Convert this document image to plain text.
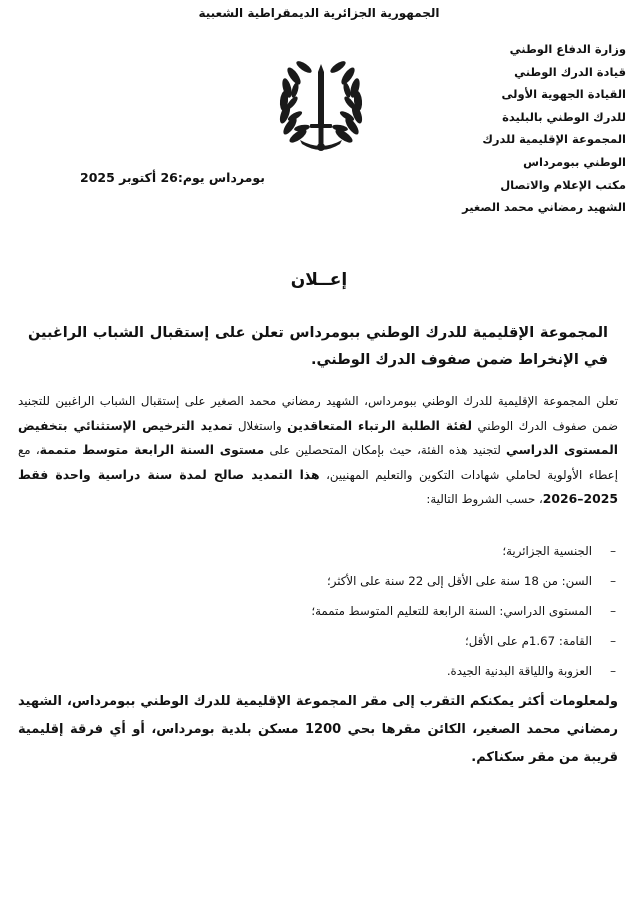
الجمهورية الجزائرية الديمقراطية الشعبية
وزارة الدفاع الوطني
قيادة الدرك الوطني
القيادة الجهوية الأولى
للدرك الوطني بالبليدة
المجموعة الإقليمية للدرك
الوطني ببومرداس
مكتب الإعلام والاتصال
الشهيد رمضاني محمد الصغير
بومرداس يوم:26 أكتوبر 2025
إعــلان
المجموعة الإقليمية للدرك الوطني ببومرداس تعلن على إستقبال الشباب الراغبين في الإنخراط ضمن صفوف الدرك الوطني.
تعلن المجموعة الإقليمية للدرك الوطني ببومرداس، الشهيد رمضاني محمد الصغير على إستقبال الشباب الراغبين للتجنيد ضمن صفوف الدرك الوطني لفئة الطلبة الرتباء المتعاقدين واستغلال تمديد الترخيص الإستثنائي بتخفيض المستوى الدراسي لتجنيد هذه الفئة، حيث بإمكان المتحصلين على مستوى السنة الرابعة متوسط متممة، مع إعطاء الأولوية لحاملي شهادات التكوين والتعليم المهنيين، هذا التمديد صالح لمدة سنة دراسية واحدة فقط 2025–2026، حسب الشروط التالية:
–
الجنسية الجزائرية؛
–
السن: من 18 سنة على الأقل إلى 22 سنة على الأكثر؛
–
المستوى الدراسي: السنة الرابعة للتعليم المتوسط متممة؛
–
القامة: 1.67م على الأقل؛
–
العزوبة واللياقة البدنية الجيدة.
ولمعلومات أكثر يمكنكم التقرب إلى مقر المجموعة الإقليمية للدرك الوطني ببومرداس، الشهيد رمضاني محمد الصغير، الكائن مقرها بحي 1200 مسكن بلدية بومرداس، أو أي فرقة إقليمية قريبة من مقر سكناكم.
